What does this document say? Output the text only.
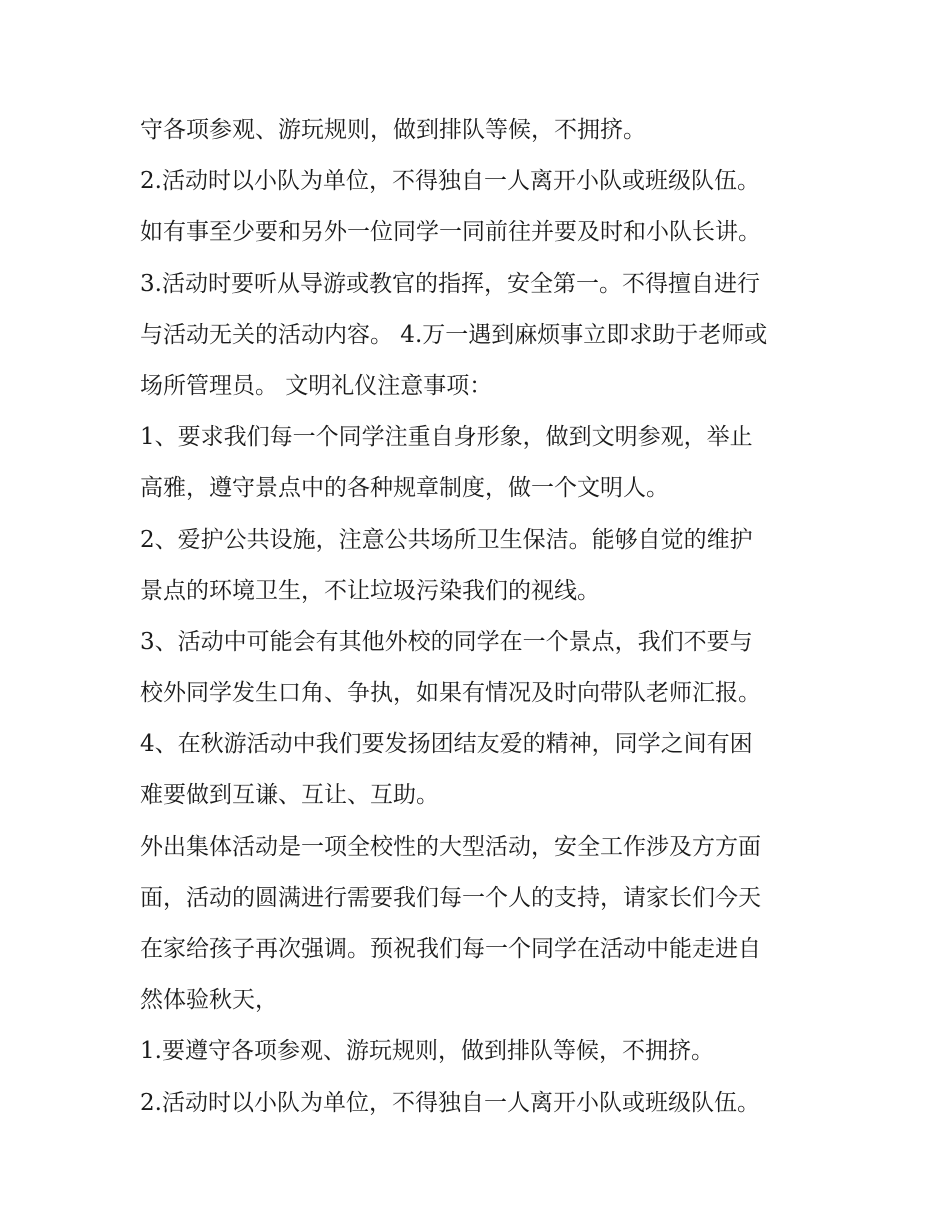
守各项参观、游玩规则，做到排队等候，不拥挤。
2.活动时以小队为单位，不得独自一人离开小队或班级队伍。
如有事至少要和另外一位同学一同前往并要及时和小队长讲。
3.活动时要听从导游或教官的指挥，安全第一。不得擅自进行
与活动无关的活动内容。 4.万一遇到麻烦事立即求助于老师或
场所管理员。 文明礼仪注意事项：
1、要求我们每一个同学注重自身形象，做到文明参观，举止
高雅，遵守景点中的各种规章制度，做一个文明人。
2、爱护公共设施，注意公共场所卫生保洁。能够自觉的维护
景点的环境卫生，不让垃圾污染我们的视线。
3、活动中可能会有其他外校的同学在一个景点，我们不要与
校外同学发生口角、争执，如果有情况及时向带队老师汇报。
4、在秋游活动中我们要发扬团结友爱的精神，同学之间有困
难要做到互谦、互让、互助。
外出集体活动是一项全校性的大型活动，安全工作涉及方方面
面，活动的圆满进行需要我们每一个人的支持，请家长们今天
在家给孩子再次强调。预祝我们每一个同学在活动中能走进自
然体验秋天，
1.要遵守各项参观、游玩规则，做到排队等候，不拥挤。
2.活动时以小队为单位，不得独自一人离开小队或班级队伍。
